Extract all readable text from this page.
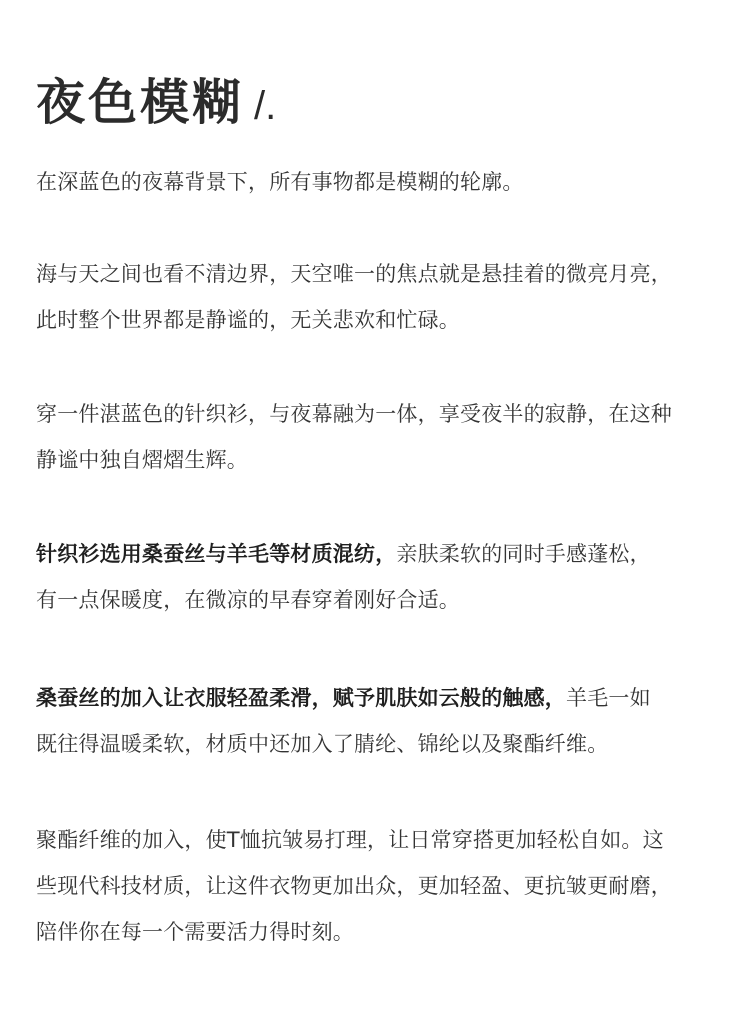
夜色模糊 /.

在深蓝色的夜幕背景下，所有事物都是模糊的轮廓。

海与天之间也看不清边界，天空唯一的焦点就是悬挂着的微亮月亮，
此时整个世界都是静谧的，无关悲欢和忙碌。

穿一件湛蓝色的针织衫，与夜幕融为一体，享受夜半的寂静，在这种
静谧中独自熠熠生辉。

针织衫选用桑蚕丝与羊毛等材质混纺，亲肤柔软的同时手感蓬松，
有一点保暖度，在微凉的早春穿着刚好合适。

桑蚕丝的加入让衣服轻盈柔滑，赋予肌肤如云般的触感，羊毛一如
既往得温暖柔软，材质中还加入了腈纶、锦纶以及聚酯纤维。

聚酯纤维的加入，使T恤抗皱易打理，让日常穿搭更加轻松自如。这
些现代科技材质，让这件衣物更加出众，更加轻盈、更抗皱更耐磨，
陪伴你在每一个需要活力得时刻。
